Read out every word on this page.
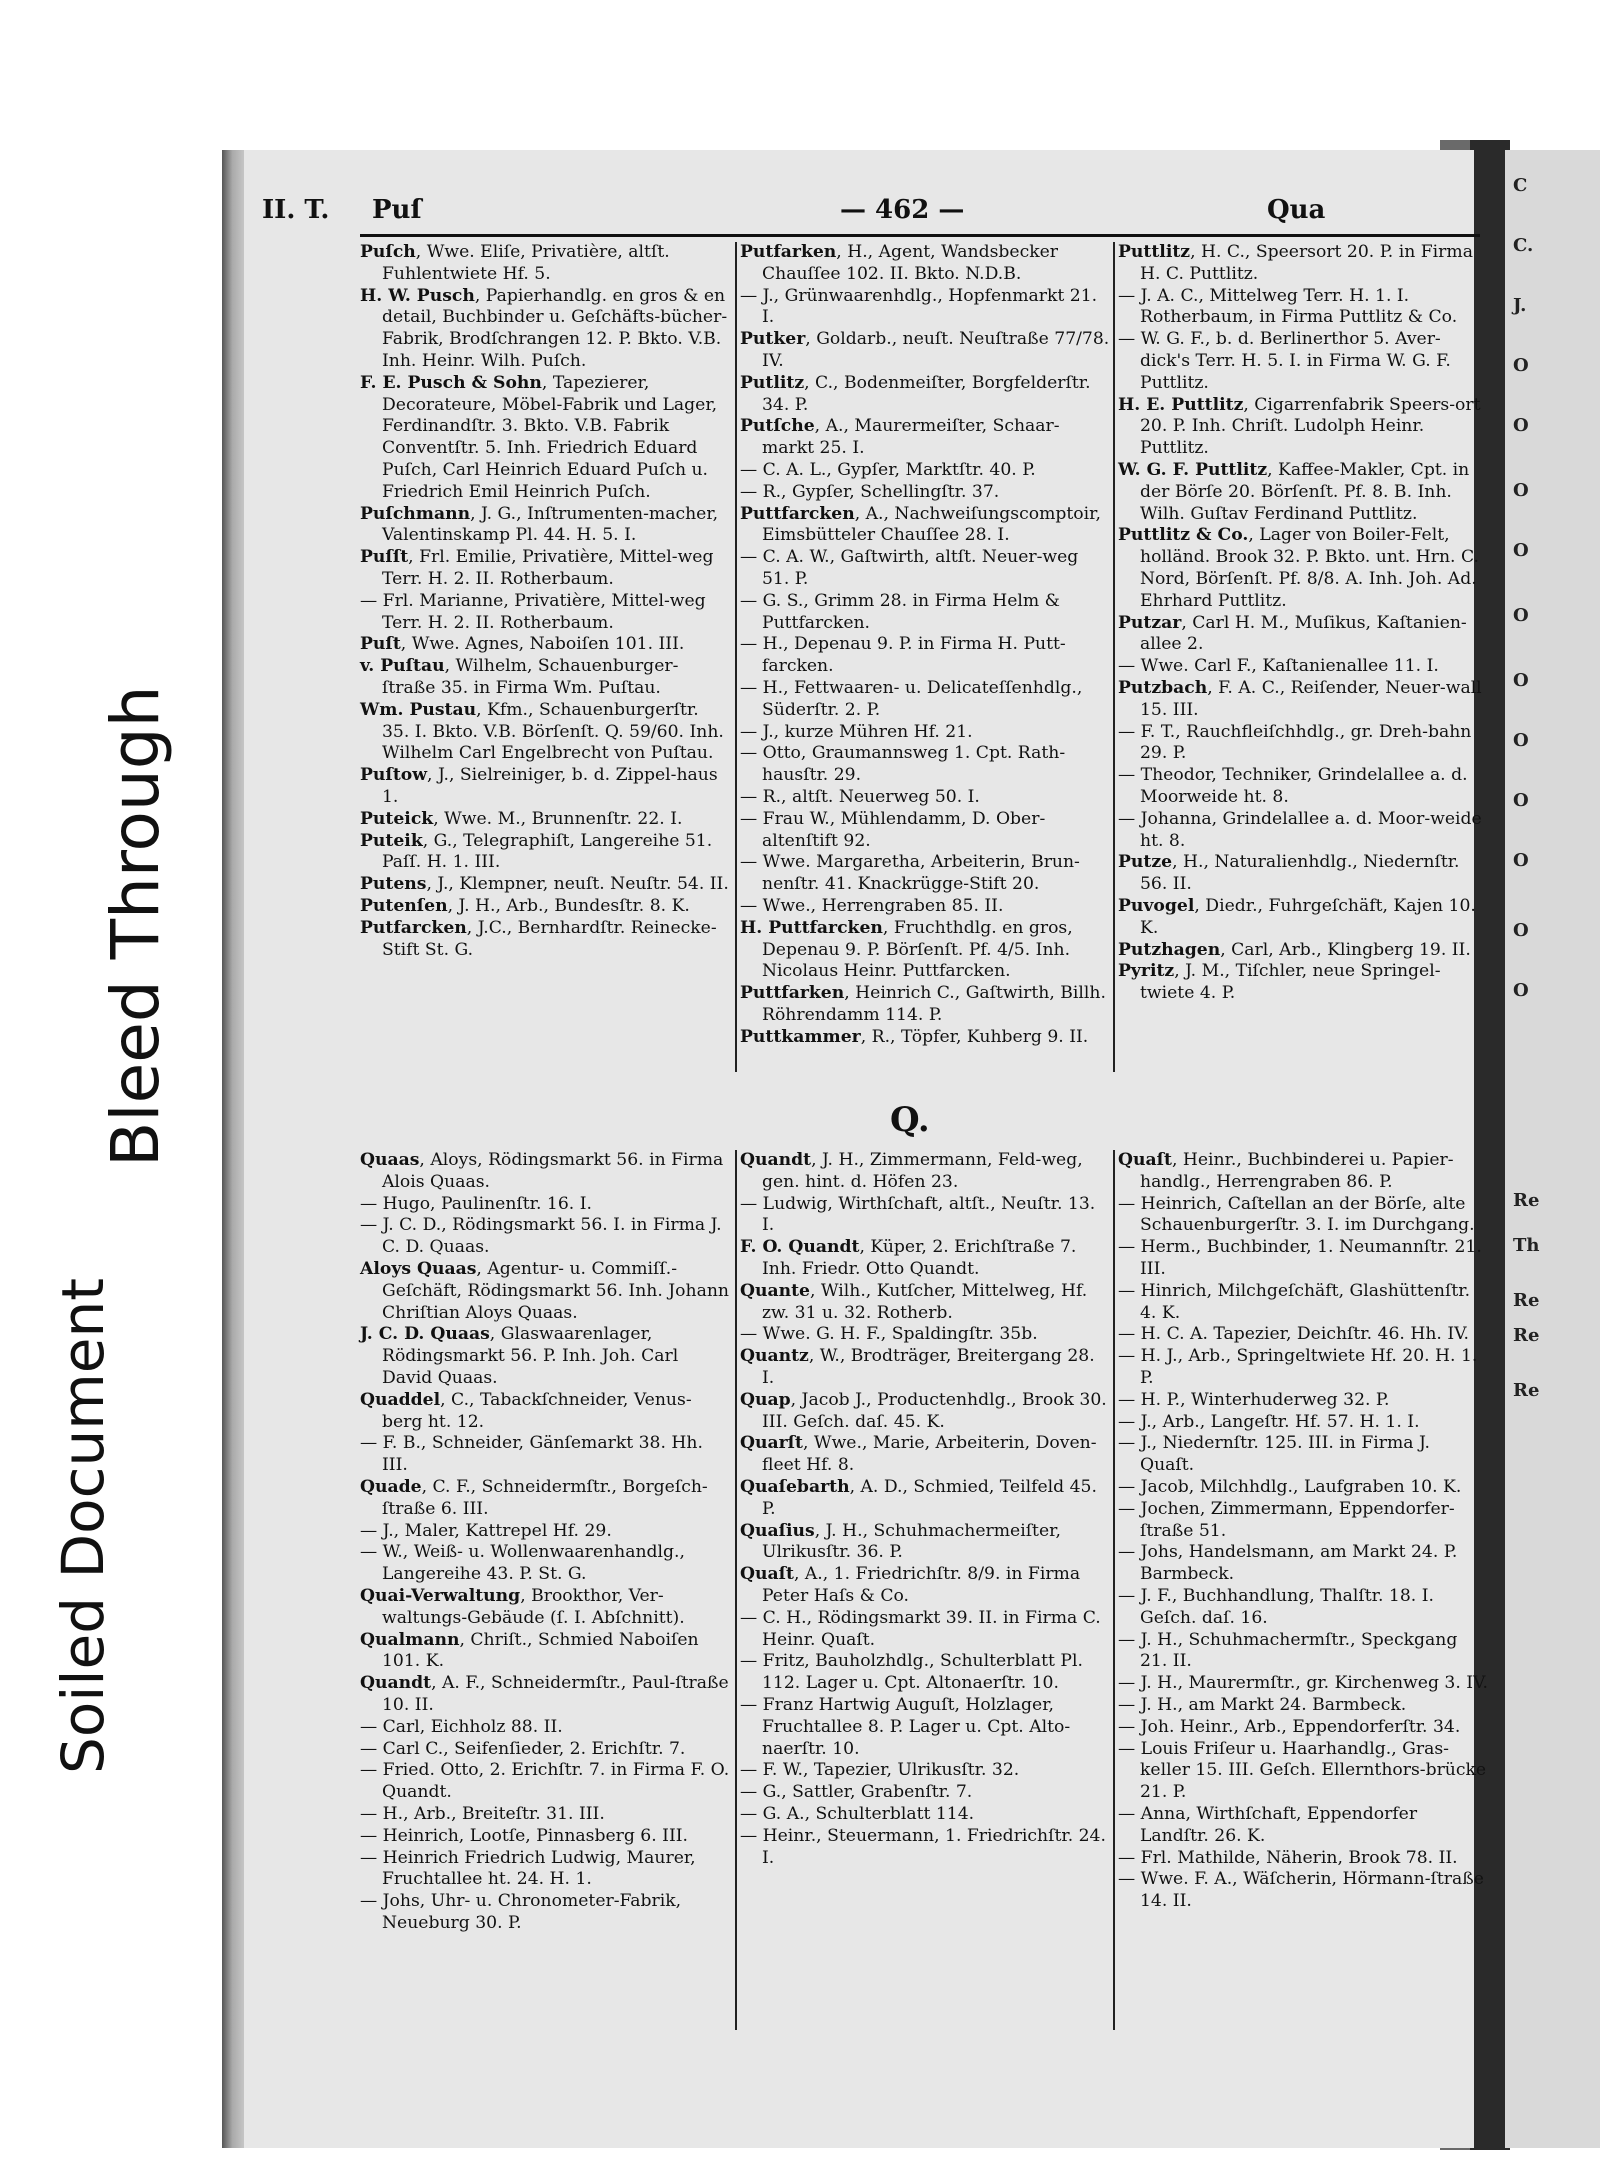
C
C.
J.
O
O
O
O
O
O
O
O
O
O
O
Re
Th
Re
Re
Re
II. T. Puſ	— 462 —	Qua

Puſch, Wwe. Eliſe, Privatière, altſt. Fuhlentwiete Hf. 5.

H. W. Pusch, Papierhandlg. en gros & en detail, Buchbinder u. Geſchäfts-bücher-Fabrik, Brodſchrangen 12. P. Bkto. V.B. Inh. Heinr. Wilh. Puſch.

F. E. Pusch & Sohn, Tapezierer, Decorateure, Möbel-Fabrik und Lager, Ferdinandſtr. 3. Bkto. V.B. Fabrik Conventſtr. 5. Inh. Friedrich Eduard Puſch, Carl Heinrich Eduard Puſch u. Friedrich Emil Heinrich Puſch.

Puſchmann, J. G., Inſtrumenten-macher, Valentinskamp Pl. 44. H. 5. I.

Puſſt, Frl. Emilie, Privatière, Mittel-weg Terr. H. 2. II. Rotherbaum.

— Frl. Marianne, Privatière, Mittel-weg Terr. H. 2. II. Rotherbaum.

Puſt, Wwe. Agnes, Naboiſen 101. III.

v. Puſtau, Wilhelm, Schauenburger-ſtraße 35. in Firma Wm. Puſtau.

Wm. Pustau, Kfm., Schauenburgerſtr. 35. I. Bkto. V.B. Börſenſt. Q. 59/60. Inh. Wilhelm Carl Engelbrecht von Puſtau.

Puſtow, J., Sielreiniger, b. d. Zippel-haus 1.

Puteick, Wwe. M., Brunnenſtr. 22. I.

Puteik, G., Telegraphiſt, Langereihe 51. Paſſ. H. 1. III.

Putens, J., Klempner, neuſt. Neuſtr. 54. II.

Putenſen, J. H., Arb., Bundesſtr. 8. K.

Putfarcken, J.C., Bernhardſtr. Reinecke-Stift St. G.

Putfarken, H., Agent, Wandsbecker Chauſſee 102. II. Bkto. N.D.B.

— J., Grünwaarenhdlg., Hopfenmarkt 21. I.

Putker, Goldarb., neuſt. Neuſtraße 77/78. IV.

Putlitz, C., Bodenmeiſter, Borgfelderſtr. 34. P.

Putſche, A., Maurermeiſter, Schaar-markt 25. I.

— C. A. L., Gypſer, Marktſtr. 40. P.

— R., Gypſer, Schellingſtr. 37.

Puttfarcken, A., Nachweiſungscomptoir, Eimsbütteler Chauſſee 28. I.

— C. A. W., Gaſtwirth, altſt. Neuer-weg 51. P.

— G. S., Grimm 28. in Firma Helm & Puttfarcken.

— H., Depenau 9. P. in Firma H. Putt-farcken.

— H., Fettwaaren- u. Delicateſſenhdlg., Süderſtr. 2. P.

— J., kurze Mühren Hf. 21.

— Otto, Graumannsweg 1. Cpt. Rath-hausſtr. 29.

— R., altſt. Neuerweg 50. I.

— Frau W., Mühlendamm, D. Ober-altenſtift 92.

— Wwe. Margaretha, Arbeiterin, Brun-nenſtr. 41. Knackrügge-Stift 20.

— Wwe., Herrengraben 85. II.

H. Puttfarcken, Fruchthdlg. en gros, Depenau 9. P. Börſenſt. Pf. 4/5. Inh. Nicolaus Heinr. Puttfarcken.

Puttfarken, Heinrich C., Gaſtwirth, Billh. Röhrendamm 114. P.

Puttkammer, R., Töpfer, Kuhberg 9. II.

Puttlitz, H. C., Speersort 20. P. in Firma H. C. Puttlitz.

— J. A. C., Mittelweg Terr. H. 1. I. Rotherbaum, in Firma Puttlitz & Co.

— W. G. F., b. d. Berlinerthor 5. Aver-dick's Terr. H. 5. I. in Firma W. G. F. Puttlitz.

H. E. Puttlitz, Cigarrenfabrik Speers-ort 20. P. Inh. Chriſt. Ludolph Heinr. Puttlitz.

W. G. F. Puttlitz, Kaffee-Makler, Cpt. in der Börſe 20. Börſenſt. Pf. 8. B. Inh. Wilh. Guſtav Ferdinand Puttlitz.

Puttlitz & Co., Lager von Boiler-Felt, holländ. Brook 32. P. Bkto. unt. Hrn. C. Nord, Börſenſt. Pf. 8/8. A. Inh. Joh. Ad. Ehrhard Puttlitz.

Putzar, Carl H. M., Muſikus, Kaſtanien-allee 2.

— Wwe. Carl F., Kaſtanienallee 11. I.

Putzbach, F. A. C., Reiſender, Neuer-wall 15. III.

— F. T., Rauchfleiſchhdlg., gr. Dreh-bahn 29. P.

— Theodor, Techniker, Grindelallee a. d. Moorweide ht. 8.

— Johanna, Grindelallee a. d. Moor-weide ht. 8.

Putze, H., Naturalienhdlg., Niedernſtr. 56. II.

Puvogel, Diedr., Fuhrgeſchäft, Kajen 10. K.

Putzhagen, Carl, Arb., Klingberg 19. II.

Pyritz, J. M., Tiſchler, neue Springel-twiete 4. P.

Q.

Quaas, Aloys, Rödingsmarkt 56. in Firma Alois Quaas.

— Hugo, Paulinenſtr. 16. I.

— J. C. D., Rödingsmarkt 56. I. in Firma J. C. D. Quaas.

Aloys Quaas, Agentur- u. Commiſſ.-Geſchäft, Rödingsmarkt 56. Inh. Johann Chriſtian Aloys Quaas.

J. C. D. Quaas, Glaswaarenlager, Rödingsmarkt 56. P. Inh. Joh. Carl David Quaas.

Quaddel, C., Tabackſchneider, Venus-berg ht. 12.

— F. B., Schneider, Gänſemarkt 38. Hh. III.

Quade, C. F., Schneidermſtr., Borgeſch-ſtraße 6. III.

— J., Maler, Kattrepel Hf. 29.

— W., Weiß- u. Wollenwaarenhandlg., Langereihe 43. P. St. G.

Quai-Verwaltung, Brookthor, Ver-waltungs-Gebäude (ſ. I. Abſchnitt).

Qualmann, Chriſt., Schmied Naboiſen 101. K.

Quandt, A. F., Schneidermſtr., Paul-ſtraße 10. II.

— Carl, Eichholz 88. II.

— Carl C., Seifenſieder, 2. Erichſtr. 7.

— Fried. Otto, 2. Erichſtr. 7. in Firma F. O. Quandt.

— H., Arb., Breiteſtr. 31. III.

— Heinrich, Lootſe, Pinnasberg 6. III.

— Heinrich Friedrich Ludwig, Maurer, Fruchtallee ht. 24. H. 1.

— Johs, Uhr- u. Chronometer-Fabrik, Neueburg 30. P.

Quandt, J. H., Zimmermann, Feld-weg, gen. hint. d. Höfen 23.

— Ludwig, Wirthſchaft, altſt., Neuſtr. 13. I.

F. O. Quandt, Küper, 2. Erichſtraße 7. Inh. Friedr. Otto Quandt.

Quante, Wilh., Kutſcher, Mittelweg, Hf. zw. 31 u. 32. Rotherb.

— Wwe. G. H. F., Spaldingſtr. 35b.

Quantz, W., Brodträger, Breitergang 28. I.

Quap, Jacob J., Productenhdlg., Brook 30. III. Geſch. daſ. 45. K.

Quarſt, Wwe., Marie, Arbeiterin, Doven-fleet Hf. 8.

Quaſebarth, A. D., Schmied, Teilfeld 45. P.

Quaſius, J. H., Schuhmachermeiſter, Ulrikusſtr. 36. P.

Quaſt, A., 1. Friedrichſtr. 8/9. in Firma Peter Haſs & Co.

— C. H., Rödingsmarkt 39. II. in Firma C. Heinr. Quaſt.

— Fritz, Bauholzhdlg., Schulterblatt Pl. 112. Lager u. Cpt. Altonaerſtr. 10.

— Franz Hartwig Auguſt, Holzlager, Fruchtallee 8. P. Lager u. Cpt. Alto-naerſtr. 10.

— F. W., Tapezier, Ulrikusſtr. 32.

— G., Sattler, Grabenſtr. 7.

— G. A., Schulterblatt 114.

— Heinr., Steuermann, 1. Friedrichſtr. 24. I.

Quaſt, Heinr., Buchbinderei u. Papier-handlg., Herrengraben 86. P.

— Heinrich, Caſtellan an der Börſe, alte Schauenburgerſtr. 3. I. im Durchgang.

— Herm., Buchbinder, 1. Neumannſtr. 21. III.

— Hinrich, Milchgeſchäft, Glashüttenſtr. 4. K.

— H. C. A. Tapezier, Deichſtr. 46. Hh. IV.

— H. J., Arb., Springeltwiete Hf. 20. H. 1. P.

— H. P., Winterhuderweg 32. P.

— J., Arb., Langeſtr. Hf. 57. H. 1. I.

— J., Niedernſtr. 125. III. in Firma J. Quaſt.

— Jacob, Milchhdlg., Laufgraben 10. K.

— Jochen, Zimmermann, Eppendorfer-ſtraße 51.

— Johs, Handelsmann, am Markt 24. P. Barmbeck.

— J. F., Buchhandlung, Thalſtr. 18. I. Geſch. daſ. 16.

— J. H., Schuhmachermſtr., Speckgang 21. II.

— J. H., Maurermſtr., gr. Kirchenweg 3. IV.

— J. H., am Markt 24. Barmbeck.

— Joh. Heinr., Arb., Eppendorferſtr. 34.

— Louis Friſeur u. Haarhandlg., Gras-keller 15. III. Geſch. Ellernthors-brücke 21. P.

— Anna, Wirthſchaft, Eppendorfer Landſtr. 26. K.

— Frl. Mathilde, Näherin, Brook 78. II.

— Wwe. F. A., Wäſcherin, Hörmann-ſtraße 14. II.

Bleed Through
Soiled Document
